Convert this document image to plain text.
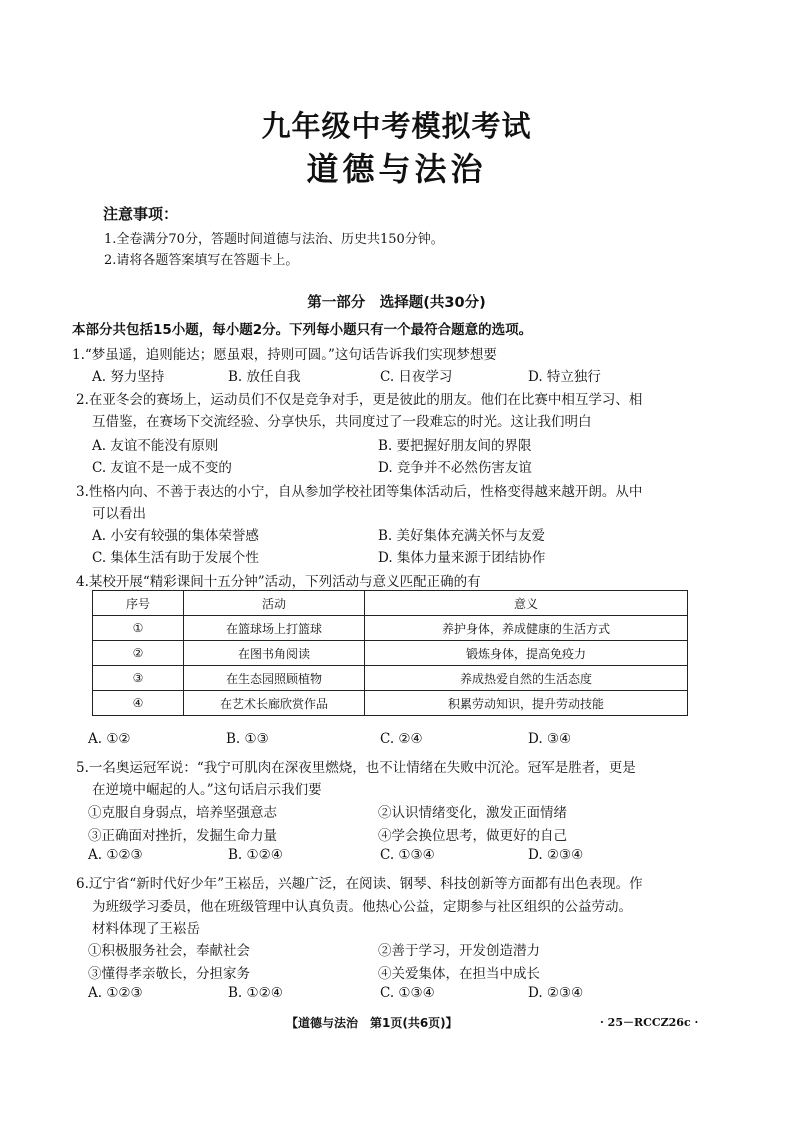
九年级中考模拟考试
道德与法治
注意事项：
1.全卷满分70分，答题时间道德与法治、历史共150分钟。
2.请将各题答案填写在答题卡上。
第一部分　选择题(共30分)
本部分共包括15小题，每小题2分。下列每小题只有一个最符合题意的选项。
1.“梦虽遥，追则能达；愿虽艰，持则可圆。”这句话告诉我们实现梦想要
A. 努力坚持	B. 放任自我	C. 日夜学习	D. 特立独行
2.在亚冬会的赛场上，运动员们不仅是竞争对手，更是彼此的朋友。他们在比赛中相互学习、相
互借鉴，在赛场下交流经验、分享快乐，共同度过了一段难忘的时光。这让我们明白
A. 友谊不能没有原则	B. 要把握好朋友间的界限
C. 友谊不是一成不变的	D. 竞争并不必然伤害友谊
3.性格内向、不善于表达的小宁，自从参加学校社团等集体活动后，性格变得越来越开朗。从中
可以看出
A. 小安有较强的集体荣誉感	B. 美好集体充满关怀与友爱
C. 集体生活有助于发展个性	D. 集体力量来源于团结协作
4.某校开展“精彩课间十五分钟”活动，下列活动与意义匹配正确的有
序号	活动	意义
①	在篮球场上打篮球	养护身体，养成健康的生活方式
②	在图书角阅读	锻炼身体，提高免疫力
③	在生态园照顾植物	养成热爱自然的生活态度
④	在艺术长廊欣赏作品	积累劳动知识，提升劳动技能
A. ①②	B. ①③	C. ②④	D. ③④
5.一名奥运冠军说：“我宁可肌肉在深夜里燃烧，也不让情绪在失败中沉沦。冠军是胜者，更是
在逆境中崛起的人。”这句话启示我们要
①克服自身弱点，培养坚强意志	②认识情绪变化，激发正面情绪
③正确面对挫折，发掘生命力量	④学会换位思考，做更好的自己
A. ①②③	B. ①②④	C. ①③④	D. ②③④
6.辽宁省“新时代好少年”王崧岳，兴趣广泛，在阅读、钢琴、科技创新等方面都有出色表现。作
为班级学习委员，他在班级管理中认真负责。他热心公益，定期参与社区组织的公益劳动。
材料体现了王崧岳
①积极服务社会，奉献社会	②善于学习，开发创造潜力
③懂得孝亲敬长，分担家务	④关爱集体，在担当中成长
A. ①②③	B. ①②④	C. ①③④	D. ②③④
【道德与法治　第1页(共6页)】	· 25－RCCZ26c ·
